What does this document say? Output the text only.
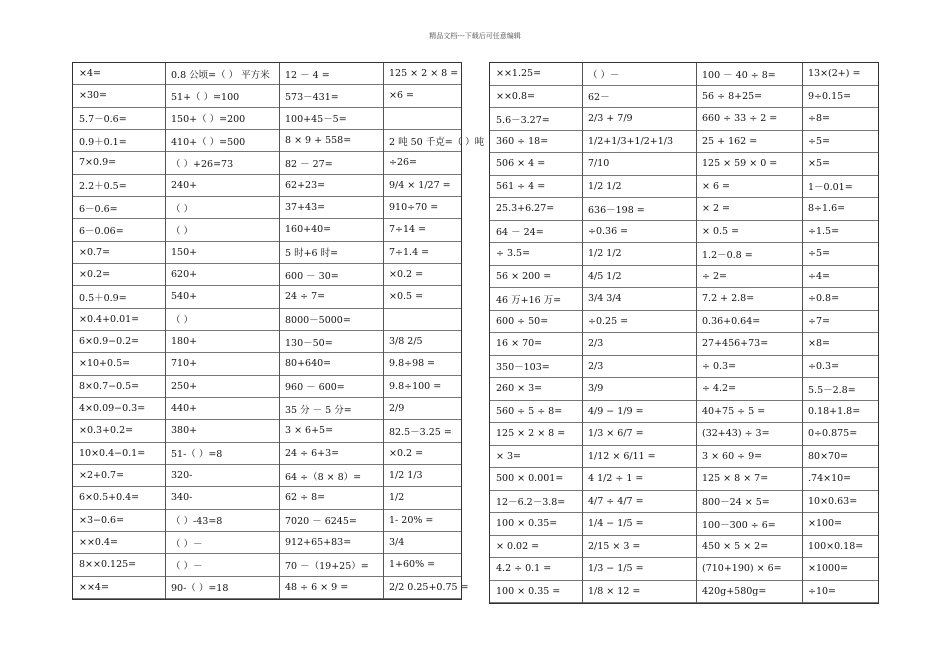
精品文档---下载后可任意编辑
×4=
×30=
5.7－0.6=
0.9＋0.1=
7×0.9=
2.2＋0.5=
6－0.6=
6－0.06=
×0.7=
×0.2=
0.5＋0.9=
×0.4+0.01=
6×0.9−0.2=
×10+0.5=
8×0.7−0.5=
4×0.09−0.3=
×0.3+0.2=
10×0.4−0.1=
×2+0.7=
6×0.5+0.4=
×3−0.6=
××0.4=
8××0.125=
××4=
0.8 公顷=（ ） 平方米
51+（ ）=100
150+（ ）=200
410+（ ）=500
（ ）+26=73
240+
（ ）
（ ）
150+
620+
540+
（ ）
180+
710+
250+
440+
380+
51-（ ）=8
320-
340-
（ ）-43=8
（ ）－
（ ）－
90-（ ）=18
12 － 4 =
573－431=
100+45－5=
8 × 9 + 558=
82 － 27=
62+23=
37+43=
160+40=
5 时+6 时=
600 － 30=
24 ÷ 7=
8000－5000=
130－50=
80+640=
960 － 600=
35 分 － 5 分=
3 × 6+5=
24 ÷ 6+3=
64 ÷（8 × 8）=
62 ÷ 8=
7020 － 6245=
912+65+83=
70 －（19+25）=
48 ÷ 6 × 9 =
125 × 2 × 8 =
×6 =
2 吨 50 千克=（ ）吨
÷26=
9/4 × 1/27 =
910÷70 =
7÷14 =
7÷1.4 =
×0.2 =
×0.5 =
3/8 2/5
9.8÷98 =
9.8÷100 =
2/9
82.5－3.25 =
×0.2 =
1/2 1/3
1/2
1- 20% =
3/4
1+60% =
2/2 0.25+0.75 =
××1.25=
××0.8=
5.6－3.27=
360 ÷ 18=
506 × 4 =
561 ÷ 4 =
25.3+6.27=
64 － 24=
÷ 3.5=
56 × 200 =
46 万+16 万=
600 ÷ 50=
16 × 70=
350－103=
260 × 3=
560 ÷ 5 ÷ 8=
125 × 2 × 8 =
× 3=
500 × 0.001=
12－6.2－3.8=
100 × 0.35=
× 0.02 =
4.2 ÷ 0.1 =
100 × 0.35 =
（ ）－
62－
2/3 + 7/9
1/2+1/3+1/2+1/3
7/10
1/2 1/2
636－198 =
÷0.36 =
1/2 1/2
4/5 1/2
3/4 3/4
÷0.25 =
2/3
2/3
3/9
4/9 − 1/9 =
1/3 × 6/7 =
1/12 × 6/11 =
4 1/2 ÷ 1 =
4/7 ÷ 4/7 =
1/4 − 1/5 =
2/15 × 3 =
1/3 − 1/5 =
1/8 × 12 =
100 － 40 ÷ 8=
56 ÷ 8+25=
660 ÷ 33 ÷ 2 =
25 + 162 =
125 × 59 × 0 =
× 6 =
× 2 =
× 0.5 =
1.2－0.8 =
÷ 2=
7.2 + 2.8=
0.36+0.64=
27+456+73=
÷ 0.3=
÷ 4.2=
40+75 ÷ 5 =
(32+43) ÷ 3=
3 × 60 ÷ 9=
125 × 8 × 7=
800－24 × 5=
100－300 ÷ 6=
450 × 5 × 2=
(710+190) × 6=
420g+580g=
13×(2+) =
9÷0.15=
÷8=
÷5=
×5=
1－0.01=
8÷1.6=
÷1.5=
÷5=
÷4=
÷0.8=
÷7=
×8=
÷0.3=
5.5－2.8=
0.18+1.8=
0÷0.875=
80×70=
.74×10=
10×0.63=
×100=
100×0.18=
×1000=
÷10=
